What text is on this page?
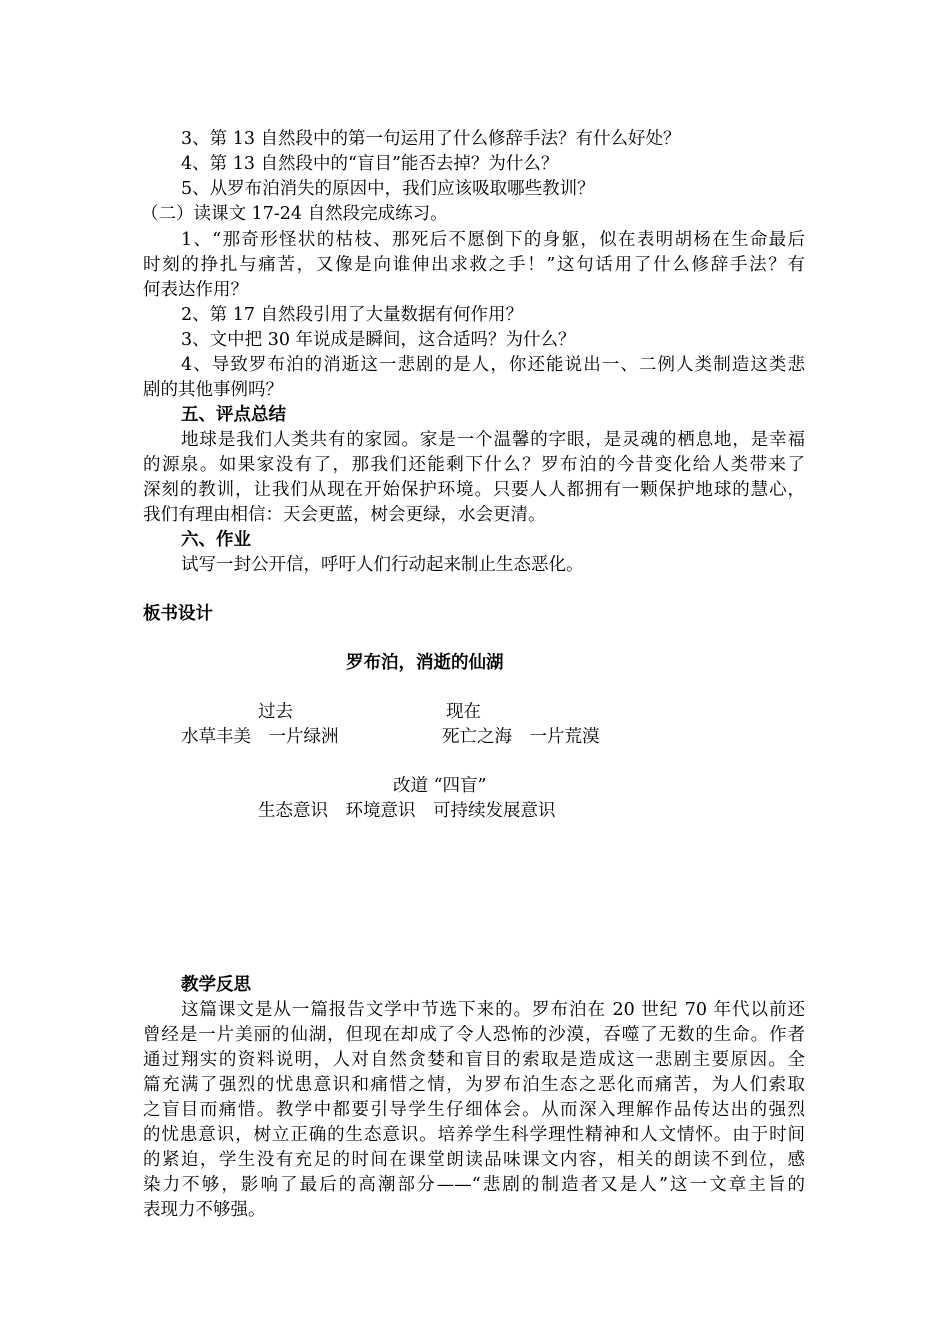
3、第 13 自然段中的第一句运用了什么修辞手法？有什么好处？
4、第 13 自然段中的“盲目”能否去掉？为什么？
5、从罗布泊消失的原因中，我们应该吸取哪些教训？
（二）读课文 17-24 自然段完成练习。
1、“那奇形怪状的枯枝、那死后不愿倒下的身躯，似在表明胡杨在生命最后
时刻的挣扎与痛苦，又像是向谁伸出求救之手！”这句话用了什么修辞手法？有
何表达作用？
2、第 17 自然段引用了大量数据有何作用？
3、文中把 30 年说成是瞬间，这合适吗？为什么？
4、导致罗布泊的消逝这一悲剧的是人，你还能说出一、二例人类制造这类悲
剧的其他事例吗？
五、评点总结
地球是我们人类共有的家园。家是一个温馨的字眼，是灵魂的栖息地，是幸福
的源泉。如果家没有了，那我们还能剩下什么？罗布泊的今昔变化给人类带来了
深刻的教训，让我们从现在开始保护环境。只要人人都拥有一颗保护地球的慧心，
我们有理由相信：天会更蓝，树会更绿，水会更清。
六、作业
试写一封公开信，呼吁人们行动起来制止生态恶化。
板书设计
罗布泊，消逝的仙湖
过去	现在
水草丰美　一片绿洲	死亡之海　一片荒漠
改道 “四盲”
生态意识　环境意识　可持续发展意识
教学反思
这篇课文是从一篇报告文学中节选下来的。罗布泊在 20 世纪 70 年代以前还
曾经是一片美丽的仙湖，但现在却成了令人恐怖的沙漠，吞噬了无数的生命。作者
通过翔实的资料说明，人对自然贪婪和盲目的索取是造成这一悲剧主要原因。全
篇充满了强烈的忧患意识和痛惜之情，为罗布泊生态之恶化而痛苦，为人们索取
之盲目而痛惜。教学中都要引导学生仔细体会。从而深入理解作品传达出的强烈
的忧患意识，树立正确的生态意识。培养学生科学理性精神和人文情怀。由于时间
的紧迫，学生没有充足的时间在课堂朗读品味课文内容，相关的朗读不到位，感
染力不够，影响了最后的高潮部分——“悲剧的制造者又是人”这一文章主旨的
表现力不够强。
